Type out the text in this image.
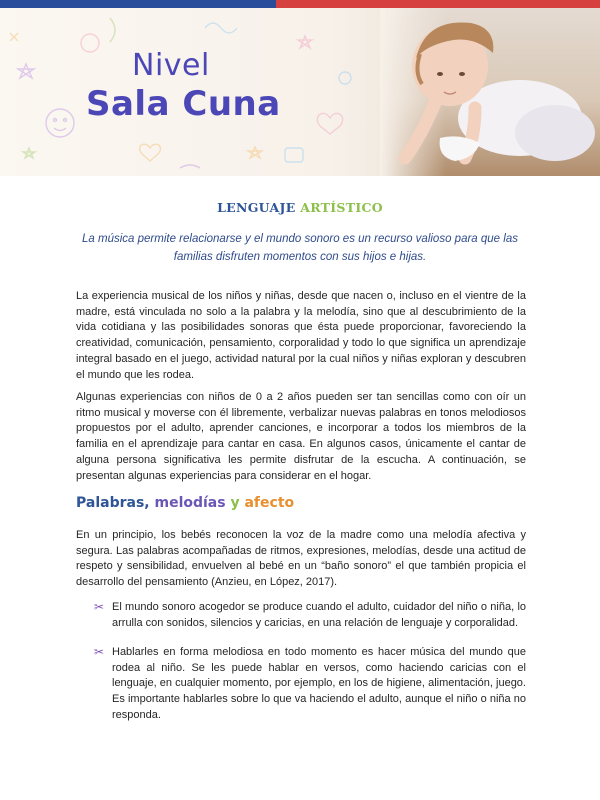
Nivel
Sala Cuna
LENGUAJE ARTÍSTICO
La música permite relacionarse y el mundo sonoro es un recurso valioso para que las familias disfruten momentos con sus hijos e hijas.
La experiencia musical de los niños y niñas, desde que nacen o, incluso en el vientre de la madre, está vinculada no solo a la palabra y la melodía, sino que al descubrimiento de la vida cotidiana y las posibilidades sonoras que ésta puede proporcionar, favoreciendo la creatividad, comunicación, pensamiento, corporalidad y todo lo que significa un aprendizaje integral basado en el juego, actividad natural por la cual niños y niñas exploran y descubren el mundo que les rodea.
Algunas experiencias con niños de 0 a 2 años pueden ser tan sencillas como con oír un ritmo musical y moverse con él libremente, verbalizar nuevas palabras en tonos melodiosos propuestos por el adulto, aprender canciones, e incorporar a todos los miembros de la familia en el aprendizaje para cantar en casa. En algunos casos, únicamente el cantar de alguna persona significativa les permite disfrutar de la escucha. A continuación, se presentan algunas experiencias para considerar en el hogar.
Palabras, melodías y afecto
En un principio, los bebés reconocen la voz de la madre como una melodía afectiva y segura. Las palabras acompañadas de ritmos, expresiones, melodías, desde una actitud de respeto y sensibilidad, envuelven al bebé en un “baño sonoro” el que también propicia el desarrollo del pensamiento (Anzieu, en López, 2017).
✂ El mundo sonoro acogedor se produce cuando el adulto, cuidador del niño o niña, lo arrulla con sonidos, silencios y caricias, en una relación de lenguaje y corporalidad.
✂ Hablarles en forma melodiosa en todo momento es hacer música del mundo que rodea al niño. Se les puede hablar en versos, como haciendo caricias con el lenguaje, en cualquier momento, por ejemplo, en los de higiene, alimentación, juego. Es importante hablarles sobre lo que va haciendo el adulto, aunque el niño o niña no responda.
